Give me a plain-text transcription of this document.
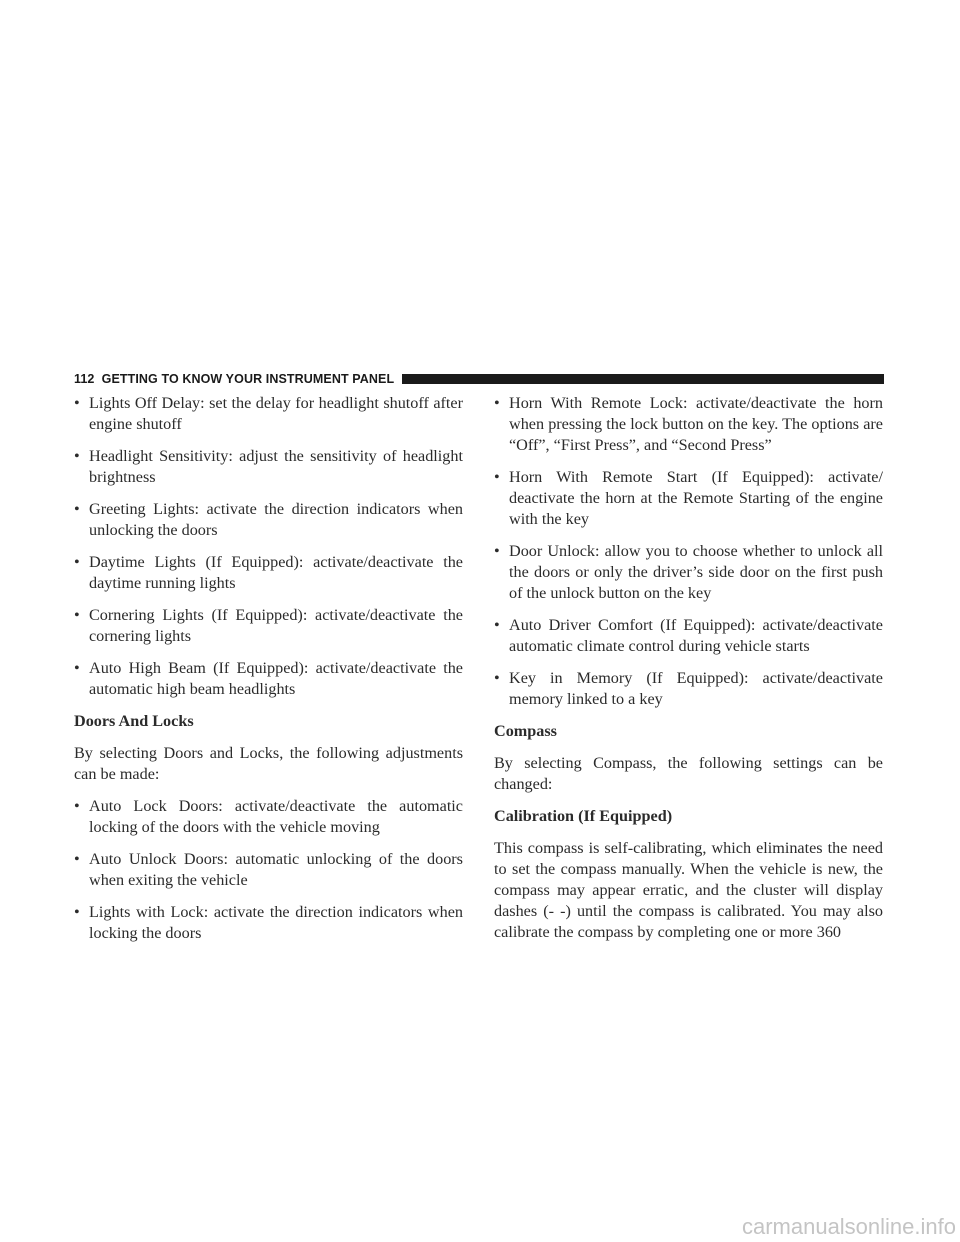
112 GETTING TO KNOW YOUR INSTRUMENT PANEL
• Lights Off Delay: set the delay for headlight shutoff after engine shutoff
• Headlight Sensitivity: adjust the sensitivity of headlight brightness
• Greeting Lights: activate the direction indicators when unlocking the doors
• Daytime Lights (If Equipped): activate/deactivate the daytime running lights
• Cornering Lights (If Equipped): activate/deactivate the cornering lights
• Auto High Beam (If Equipped): activate/deactivate the automatic high beam headlights
Doors And Locks
By selecting Doors and Locks, the following adjustments can be made:
• Auto Lock Doors: activate/deactivate the automatic locking of the doors with the vehicle moving
• Auto Unlock Doors: automatic unlocking of the doors when exiting the vehicle
• Lights with Lock: activate the direction indicators when locking the doors
• Horn With Remote Lock: activate/deactivate the horn when pressing the lock button on the key. The options are “Off”, “First Press”, and “Second Press”
• Horn With Remote Start (If Equipped): activate/ deactivate the horn at the Remote Starting of the engine with the key
• Door Unlock: allow you to choose whether to unlock all the doors or only the driver’s side door on the first push of the unlock button on the key
• Auto Driver Comfort (If Equipped): activate/deactivate automatic climate control during vehicle starts
• Key in Memory (If Equipped): activate/deactivate memory linked to a key
Compass
By selecting Compass, the following settings can be changed:
Calibration (If Equipped)
This compass is self-calibrating, which eliminates the need to set the compass manually. When the vehicle is new, the compass may appear erratic, and the cluster will display dashes (- -) until the compass is calibrated. You may also calibrate the compass by completing one or more 360
carmanualsonline.info
